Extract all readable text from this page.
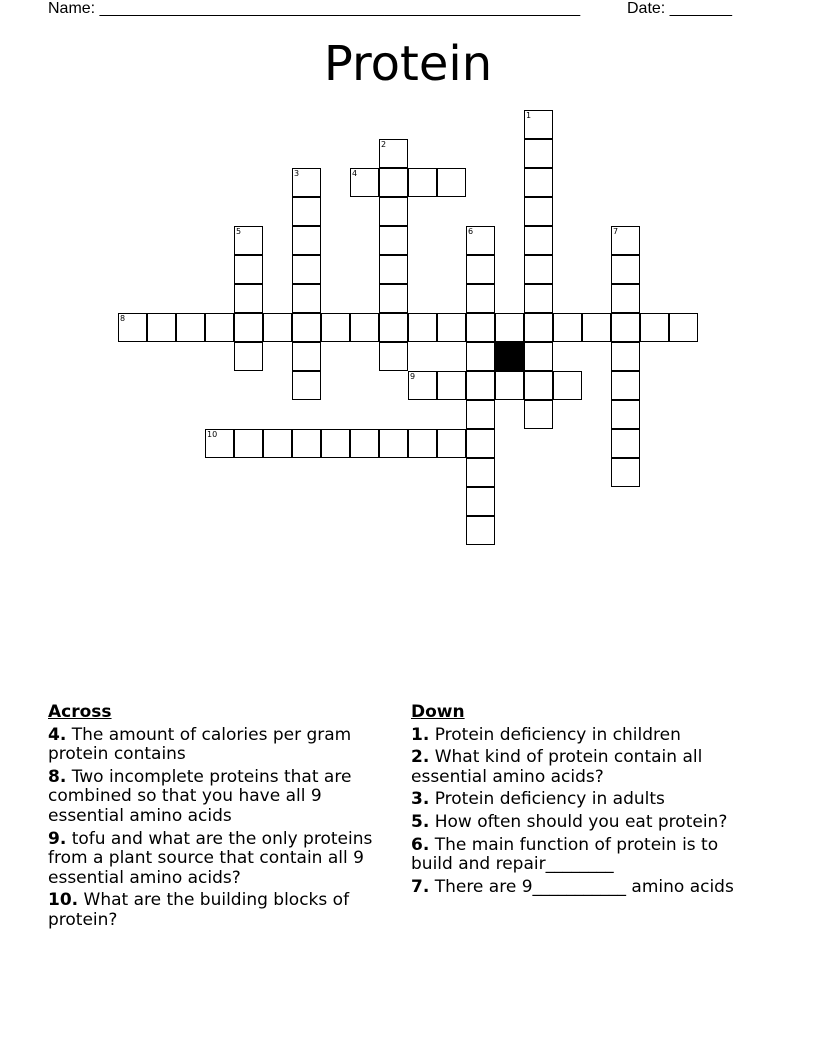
Name: ______________________________________________________	Date: _______
Protein
1
2
3	4
5	6	7
8
9
10
Across
4. The amount of calories per gram protein contains
8. Two incomplete proteins that are combined so that you have all 9 essential amino acids
9. tofu and what are the only proteins from a plant source that contain all 9 essential amino acids?
10. What are the building blocks of protein?
Down
1. Protein deficiency in children
2. What kind of protein contain all essential amino acids?
3. Protein deficiency in adults
5. How often should you eat protein?
6. The main function of protein is to build and repair________
7. There are 9___________ amino acids
